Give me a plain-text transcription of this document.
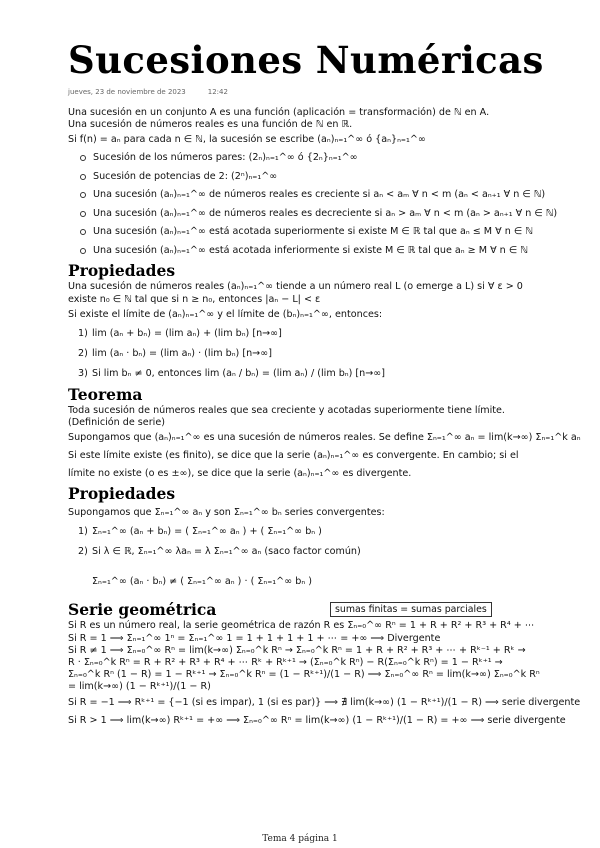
Sucesiones Numéricas
jueves, 23 de noviembre de 2023	12:42

Una sucesión en un conjunto A es una función (aplicación = transformación) de ℕ en A.

Una sucesión de números reales es una función de ℕ en ℝ.

Si f(n) = aₙ para cada n ∈ ℕ, la sucesión se escribe (aₙ)ₙ₌₁^∞ ó {aₙ}ₙ₌₁^∞

Sucesión de los números pares: (2ₙ)ₙ₌₁^∞ ó {2ₙ}ₙ₌₁^∞
Sucesión de potencias de 2: (2ⁿ)ₙ₌₁^∞
Una sucesión (aₙ)ₙ₌₁^∞ de números reales es creciente si aₙ < aₘ ∀ n < m (aₙ < aₙ₊₁ ∀ n ∈ ℕ)
Una sucesión (aₙ)ₙ₌₁^∞ de números reales es decreciente si aₙ > aₘ ∀ n < m (aₙ > aₙ₊₁ ∀ n ∈ ℕ)
Una sucesión (aₙ)ₙ₌₁^∞ está acotada superiormente si existe M ∈ ℝ tal que aₙ ≤ M ∀ n ∈ ℕ
Una sucesión (aₙ)ₙ₌₁^∞ está acotada inferiormente si existe M ∈ ℝ tal que aₙ ≥ M ∀ n ∈ ℕ
Propiedades

Una sucesión de números reales (aₙ)ₙ₌₁^∞ tiende a un número real L (o emerge a L) si ∀ ε > 0 existe n₀ ∈ ℕ tal que si n ≥ n₀, entonces |aₙ − L| < ε

Si existe el límite de (aₙ)ₙ₌₁^∞ y el límite de (bₙ)ₙ₌₁^∞, entonces:

1) lim (aₙ + bₙ) = (lim aₙ) + (lim bₙ) [n→∞]
2) lim (aₙ · bₙ) = (lim aₙ) · (lim bₙ) [n→∞]
3) Si lim bₙ ≠ 0, entonces lim (aₙ / bₙ) = (lim aₙ) / (lim bₙ) [n→∞]
Teorema

Toda sucesión de números reales que sea creciente y acotadas superiormente tiene límite.

(Definición de serie)

Supongamos que (aₙ)ₙ₌₁^∞ es una sucesión de números reales. Se define Σₙ₌₁^∞ aₙ = lim(k→∞) Σₙ₌₁^k aₙ

Si este límite existe (es finito), se dice que la serie (aₙ)ₙ₌₁^∞ es convergente. En cambio; si el límite no existe (o es ±∞), se dice que la serie (aₙ)ₙ₌₁^∞ es divergente.

Propiedades

Supongamos que Σₙ₌₁^∞ aₙ y son Σₙ₌₁^∞ bₙ series convergentes:

1) Σₙ₌₁^∞ (aₙ + bₙ) = ( Σₙ₌₁^∞ aₙ ) + ( Σₙ₌₁^∞ bₙ )
2) Si λ ∈ ℝ, Σₙ₌₁^∞ λaₙ = λ Σₙ₌₁^∞ aₙ (saco factor común)

Σₙ₌₁^∞ (aₙ · bₙ) ≠ ( Σₙ₌₁^∞ aₙ ) · ( Σₙ₌₁^∞ bₙ )

Serie geométrica	sumas finitas = sumas parciales

Si R es un número real, la serie geométrica de razón R es Σₙ₌₀^∞ Rⁿ = 1 + R + R² + R³ + R⁴ + ⋯

Si R = 1 ⟹ Σₙ₌₁^∞ 1ⁿ = Σₙ₌₁^∞ 1 = 1 + 1 + 1 + 1 + ⋯ = +∞ ⟹ Divergente

Si R ≠ 1 ⟹ Σₙ₌₀^∞ Rⁿ = lim(k→∞) Σₙ₌₀^k Rⁿ → Σₙ₌₀^k Rⁿ = 1 + R + R² + R³ + ⋯ + Rᵏ⁻¹ + Rᵏ →

R · Σₙ₌₀^k Rⁿ = R + R² + R³ + R⁴ + ⋯ Rᵏ + Rᵏ⁺¹ → (Σₙ₌₀^k Rⁿ) − R(Σₙ₌₀^k Rⁿ) = 1 − Rᵏ⁺¹ →

Σₙ₌₀^k Rⁿ (1 − R) = 1 − Rᵏ⁺¹ → Σₙ₌₀^k Rⁿ = (1 − Rᵏ⁺¹)/(1 − R) ⟹ Σₙ₌₀^∞ Rⁿ = lim(k→∞) Σₙ₌₀^k Rⁿ = lim(k→∞) (1 − Rᵏ⁺¹)/(1 − R)

Si R = −1 ⟹ Rᵏ⁺¹ = {−1 (si es impar), 1 (si es par)} ⟹ ∄ lim(k→∞) (1 − Rᵏ⁺¹)/(1 − R) ⟹ serie divergente

Si R > 1 ⟹ lim(k→∞) Rᵏ⁺¹ = +∞ ⟹ Σₙ₌₀^∞ Rⁿ = lim(k→∞) (1 − Rᵏ⁺¹)/(1 − R) = +∞ ⟹ serie divergente

Tema 4 página 1
